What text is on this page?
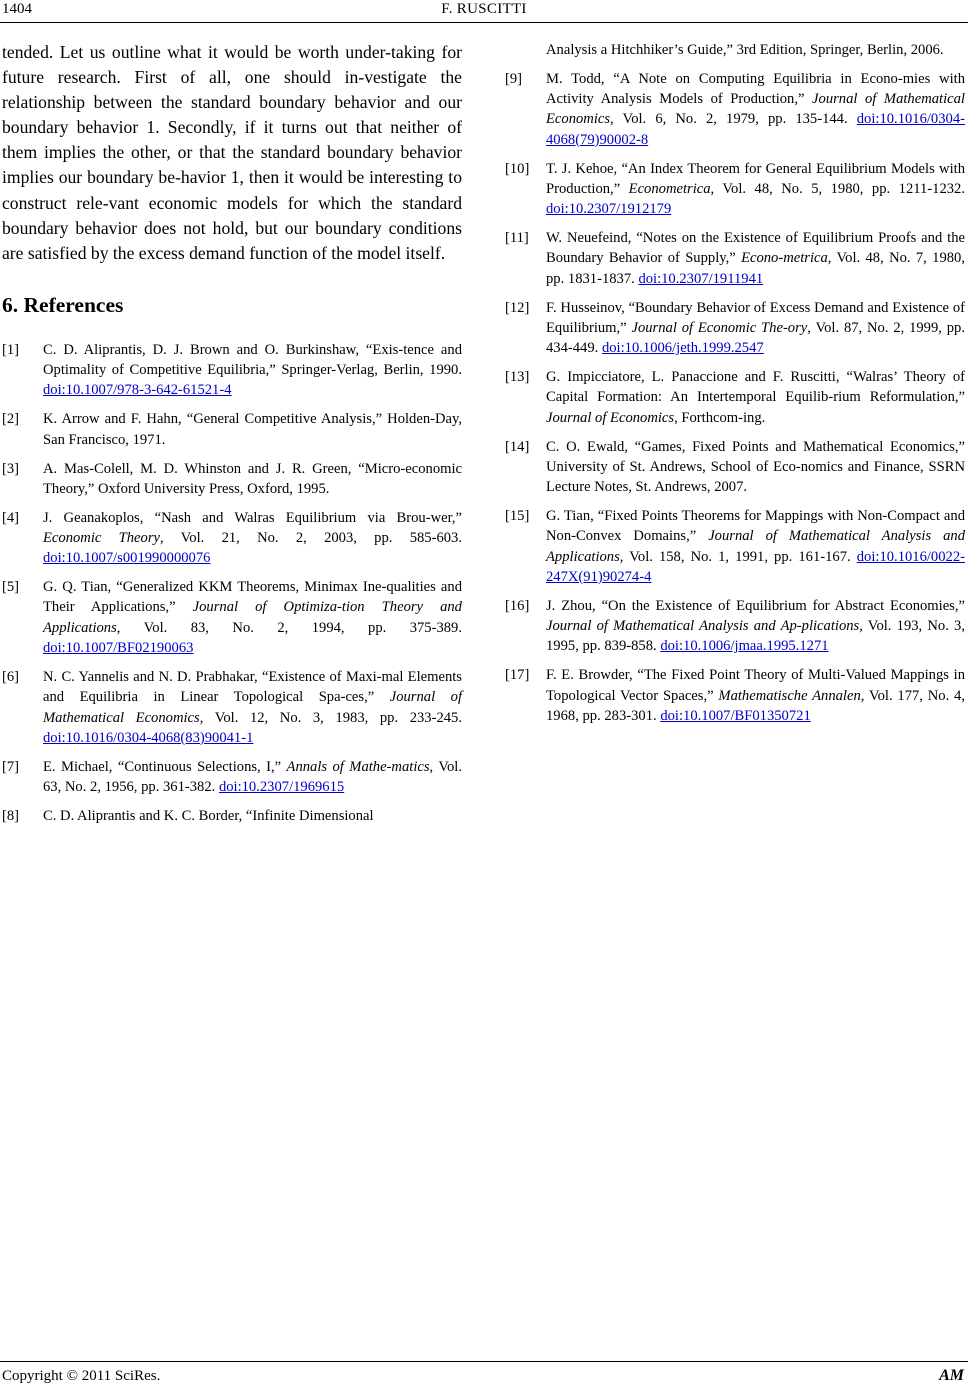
1404	F. RUSCITTI

tended. Let us outline what it would be worth under-taking for future research. First of all, one should in-vestigate the relationship between the standard boundary behavior and our boundary behavior 1. Secondly, if it turns out that neither of them implies the other, or that the standard boundary behavior implies our boundary be-havior 1, then it would be interesting to construct rele-vant economic models for which the standard boundary behavior does not hold, but our boundary conditions are satisfied by the excess demand function of the model itself.

6. References
[1]	C. D. Aliprantis, D. J. Brown and O. Burkinshaw, “Exis-tence and Optimality of Competitive Equilibria,” Springer-Verlag, Berlin, 1990. doi:10.1007/978-3-642-61521-4
[2]	K. Arrow and F. Hahn, “General Competitive Analysis,” Holden-Day, San Francisco, 1971.
[3]	A. Mas-Colell, M. D. Whinston and J. R. Green, “Micro-economic Theory,” Oxford University Press, Oxford, 1995.
[4]	J. Geanakoplos, “Nash and Walras Equilibrium via Brou-wer,” Economic Theory, Vol. 21, No. 2, 2003, pp. 585-603. doi:10.1007/s001990000076
[5]	G. Q. Tian, “Generalized KKM Theorems, Minimax Ine-qualities and Their Applications,” Journal of Optimiza-tion Theory and Applications, Vol. 83, No. 2, 1994, pp. 375-389. doi:10.1007/BF02190063
[6]	N. C. Yannelis and N. D. Prabhakar, “Existence of Maxi-mal Elements and Equilibria in Linear Topological Spa-ces,” Journal of Mathematical Economics, Vol. 12, No. 3, 1983, pp. 233-245. doi:10.1016/0304-4068(83)90041-1
[7]	E. Michael, “Continuous Selections, I,” Annals of Mathe-matics, Vol. 63, No. 2, 1956, pp. 361-382. doi:10.2307/1969615
[8]	C. D. Aliprantis and K. C. Border, “Infinite Dimensional
Analysis a Hitchhiker’s Guide,” 3rd Edition, Springer, Berlin, 2006.
[9]	M. Todd, “A Note on Computing Equilibria in Econo-mies with Activity Analysis Models of Production,” Journal of Mathematical Economics, Vol. 6, No. 2, 1979, pp. 135-144. doi:10.1016/0304-4068(79)90002-8
[10]	T. J. Kehoe, “An Index Theorem for General Equilibrium Models with Production,” Econometrica, Vol. 48, No. 5, 1980, pp. 1211-1232. doi:10.2307/1912179
[11]	W. Neuefeind, “Notes on the Existence of Equilibrium Proofs and the Boundary Behavior of Supply,” Econo-metrica, Vol. 48, No. 7, 1980, pp. 1831-1837. doi:10.2307/1911941
[12]	F. Husseinov, “Boundary Behavior of Excess Demand and Existence of Equilibrium,” Journal of Economic The-ory, Vol. 87, No. 2, 1999, pp. 434-449. doi:10.1006/jeth.1999.2547
[13]	G. Impicciatore, L. Panaccione and F. Ruscitti, “Walras’ Theory of Capital Formation: An Intertemporal Equilib-rium Reformulation,” Journal of Economics, Forthcom-ing.
[14]	C. O. Ewald, “Games, Fixed Points and Mathematical Economics,” University of St. Andrews, School of Eco-nomics and Finance, SSRN Lecture Notes, St. Andrews, 2007.
[15]	G. Tian, “Fixed Points Theorems for Mappings with Non-Compact and Non-Convex Domains,” Journal of Mathematical Analysis and Applications, Vol. 158, No. 1, 1991, pp. 161-167. doi:10.1016/0022-247X(91)90274-4
[16]	J. Zhou, “On the Existence of Equilibrium for Abstract Economies,” Journal of Mathematical Analysis and Ap-plications, Vol. 193, No. 3, 1995, pp. 839-858. doi:10.1006/jmaa.1995.1271
[17]	F. E. Browder, “The Fixed Point Theory of Multi-Valued Mappings in Topological Vector Spaces,” Mathematische Annalen, Vol. 177, No. 4, 1968, pp. 283-301. doi:10.1007/BF01350721
Copyright © 2011 SciRes.	AM
